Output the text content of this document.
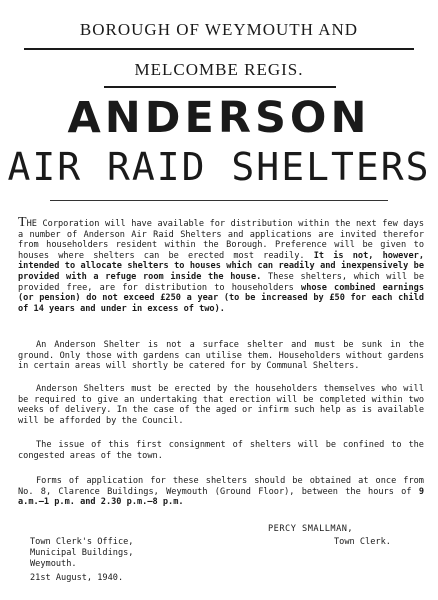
BOROUGH OF WEYMOUTH AND
MELCOMBE REGIS.
ANDERSON
AIR RAID SHELTERS

THE Corporation will have available for distribution within the next few days a number of Anderson Air Raid Shelters and applications are invited therefor from householders resident within the Borough. Preference will be given to houses where shelters can be erected most readily. It is not, however, intended to allocate shelters to houses which can readily and inexpensively be provided with a refuge room inside the house. These shelters, which will be provided free, are for distribution to householders whose combined earnings (or pension) do not exceed £250 a year (to be increased by £50 for each child of 14 years and under in excess of two).

An Anderson Shelter is not a surface shelter and must be sunk in the ground. Only those with gardens can utilise them. Householders without gardens in certain areas will shortly be catered for by Communal Shelters.

Anderson Shelters must be erected by the householders themselves who will be required to give an undertaking that erection will be completed within two weeks of delivery. In the case of the aged or infirm such help as is available will be afforded by the Council.

The issue of this first consignment of shelters will be confined to the congested areas of the town.

Forms of application for these shelters should be obtained at once from No. 8, Clarence Buildings, Weymouth (Ground Floor), between the hours of 9 a.m.—1 p.m. and 2.30 p.m.—8 p.m.

PERCY SMALLMAN,
Town Clerk.
Town Clerk's Office,
Municipal Buildings,
Weymouth.
21st August, 1940.
